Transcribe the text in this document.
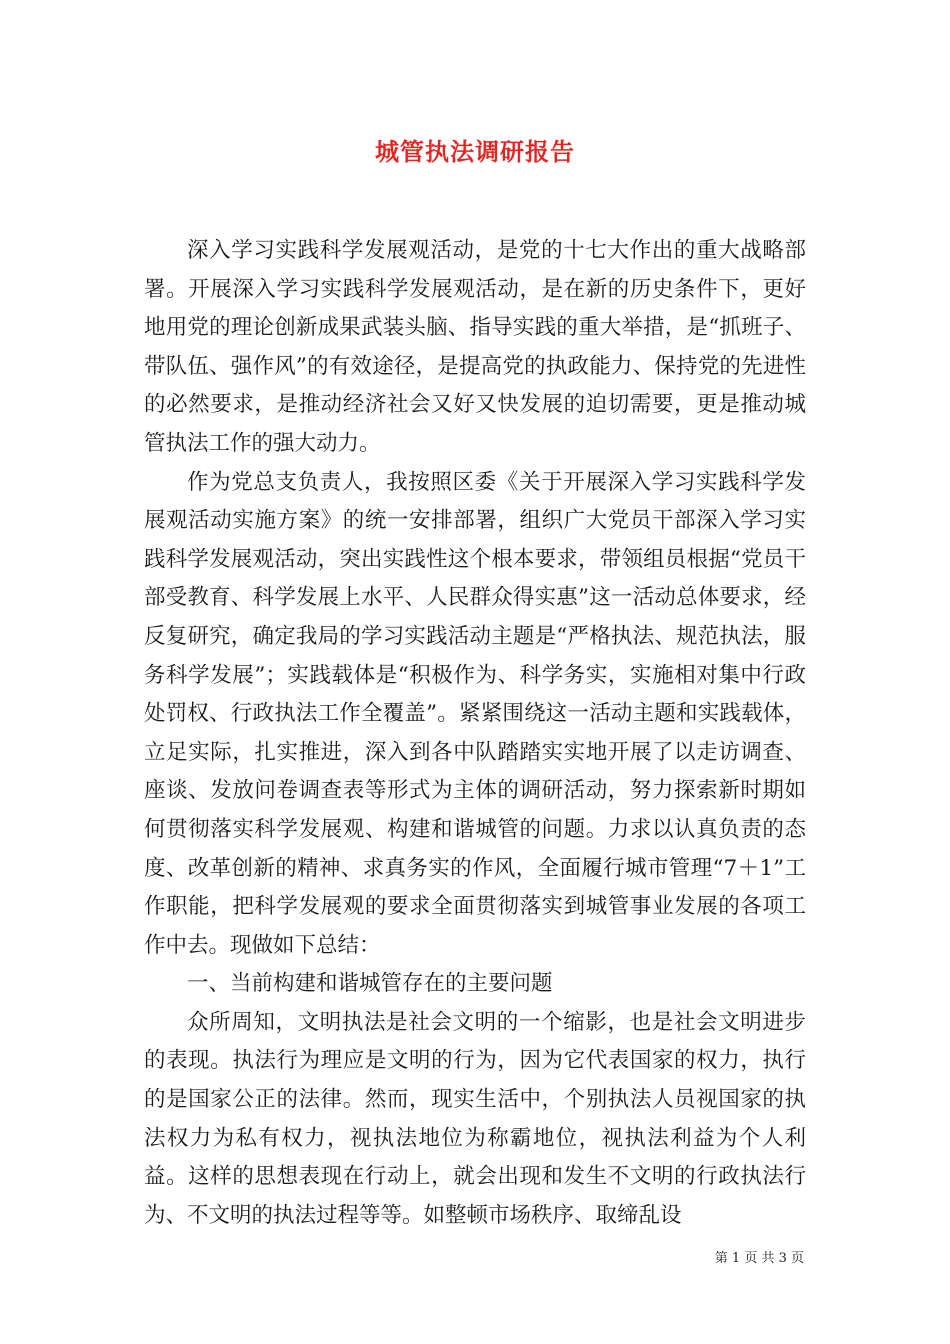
城管执法调研报告

深入学习实践科学发展观活动，是党的十七大作出的重大战略部署。开展深入学习实践科学发展观活动，是在新的历史条件下，更好地用党的理论创新成果武装头脑、指导实践的重大举措，是“抓班子、带队伍、强作风”的有效途径，是提高党的执政能力、保持党的先进性的必然要求，是推动经济社会又好又快发展的迫切需要，更是推动城管执法工作的强大动力。

作为党总支负责人，我按照区委《关于开展深入学习实践科学发展观活动实施方案》的统一安排部署，组织广大党员干部深入学习实践科学发展观活动，突出实践性这个根本要求，带领组员根据“党员干部受教育、科学发展上水平、人民群众得实惠”这一活动总体要求，经反复研究，确定我局的学习实践活动主题是“严格执法、规范执法，服务科学发展”；实践载体是“积极作为、科学务实，实施相对集中行政处罚权、行政执法工作全覆盖”。紧紧围绕这一活动主题和实践载体，立足实际，扎实推进，深入到各中队踏踏实实地开展了以走访调查、座谈、发放问卷调查表等形式为主体的调研活动，努力探索新时期如何贯彻落实科学发展观、构建和谐城管的问题。力求以认真负责的态度、改革创新的精神、求真务实的作风，全面履行城市管理“7＋1”工作职能，把科学发展观的要求全面贯彻落实到城管事业发展的各项工作中去。现做如下总结：

一、当前构建和谐城管存在的主要问题

众所周知，文明执法是社会文明的一个缩影，也是社会文明进步的表现。执法行为理应是文明的行为，因为它代表国家的权力，执行的是国家公正的法律。然而，现实生活中，个别执法人员视国家的执法权力为私有权力，视执法地位为称霸地位，视执法利益为个人利益。这样的思想表现在行动上，就会出现和发生不文明的行政执法行为、不文明的执法过程等等。如整顿市场秩序、取缔乱设

第 1 页 共 3 页
